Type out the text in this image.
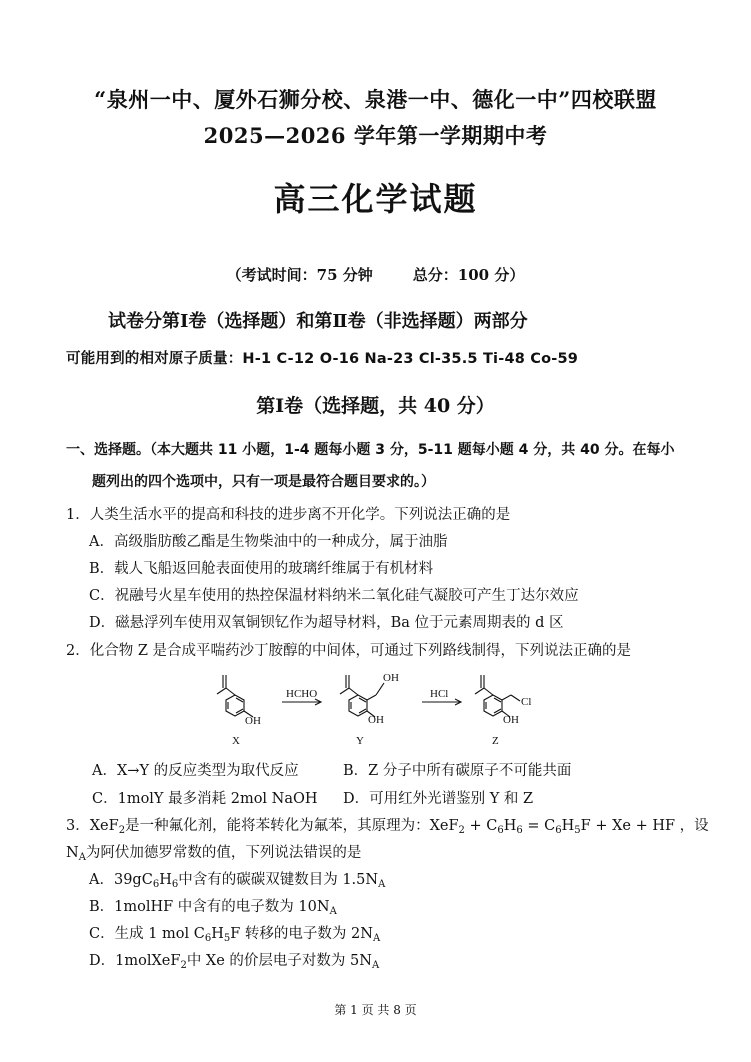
“泉州一中、厦外石狮分校、泉港一中、德化一中”四校联盟
2025—2026 学年第一学期期中考
高三化学试题
（考试时间：75 分钟	总分：100 分）
试卷分第Ⅰ卷（选择题）和第Ⅱ卷（非选择题）两部分
可能用到的相对原子质量：H-1 C-12 O-16 Na-23 Cl-35.5 Ti-48 Co-59
第Ⅰ卷（选择题，共 40 分）
一、选择题。（本大题共 11 小题，1-4 题每小题 3 分，5-11 题每小题 4 分，共 40 分。在每小
题列出的四个选项中，只有一项是最符合题目要求的。）
1．人类生活水平的提高和科技的进步离不开化学。下列说法正确的是
A．高级脂肪酸乙酯是生物柴油中的一种成分，属于油脂
B．载人飞船返回舱表面使用的玻璃纤维属于有机材料
C．祝融号火星车使用的热控保温材料纳米二氧化硅气凝胶可产生丁达尔效应
D．磁悬浮列车使用双氧铜钡钇作为超导材料，Ba 位于元素周期表的 d 区
2．化合物 Z 是合成平喘药沙丁胺醇的中间体，可通过下列路线制得，下列说法正确的是
OH
HCHO
OH
OH
HCl
OH
Cl
X	Y	Z
A．X→Y 的反应类型为取代反应	B．Z 分子中所有碳原子不可能共面
C．1molY 最多消耗 2mol NaOH D．可用红外光谱鉴别 Y 和 Z
3．XeF$_2$是一种氟化剂，能将苯转化为氟苯，其原理为：$XeF_2 + C_6H_6 = C_6H_5F + Xe$ + HF ，设
$N_A$为阿伏加德罗常数的值，下列说法错误的是
A．$39gC_6H_6$中含有的碳碳双键数目为 $1.5N_A$
B．1molHF 中含有的电子数为 $10N_A$
C．生成 1 mol $C_6H_5F$ 转移的电子数为 $2N_A$
D．1molXeF$_2$中 Xe 的价层电子对数为 $5N_A$
第 1 页 共 8 页
